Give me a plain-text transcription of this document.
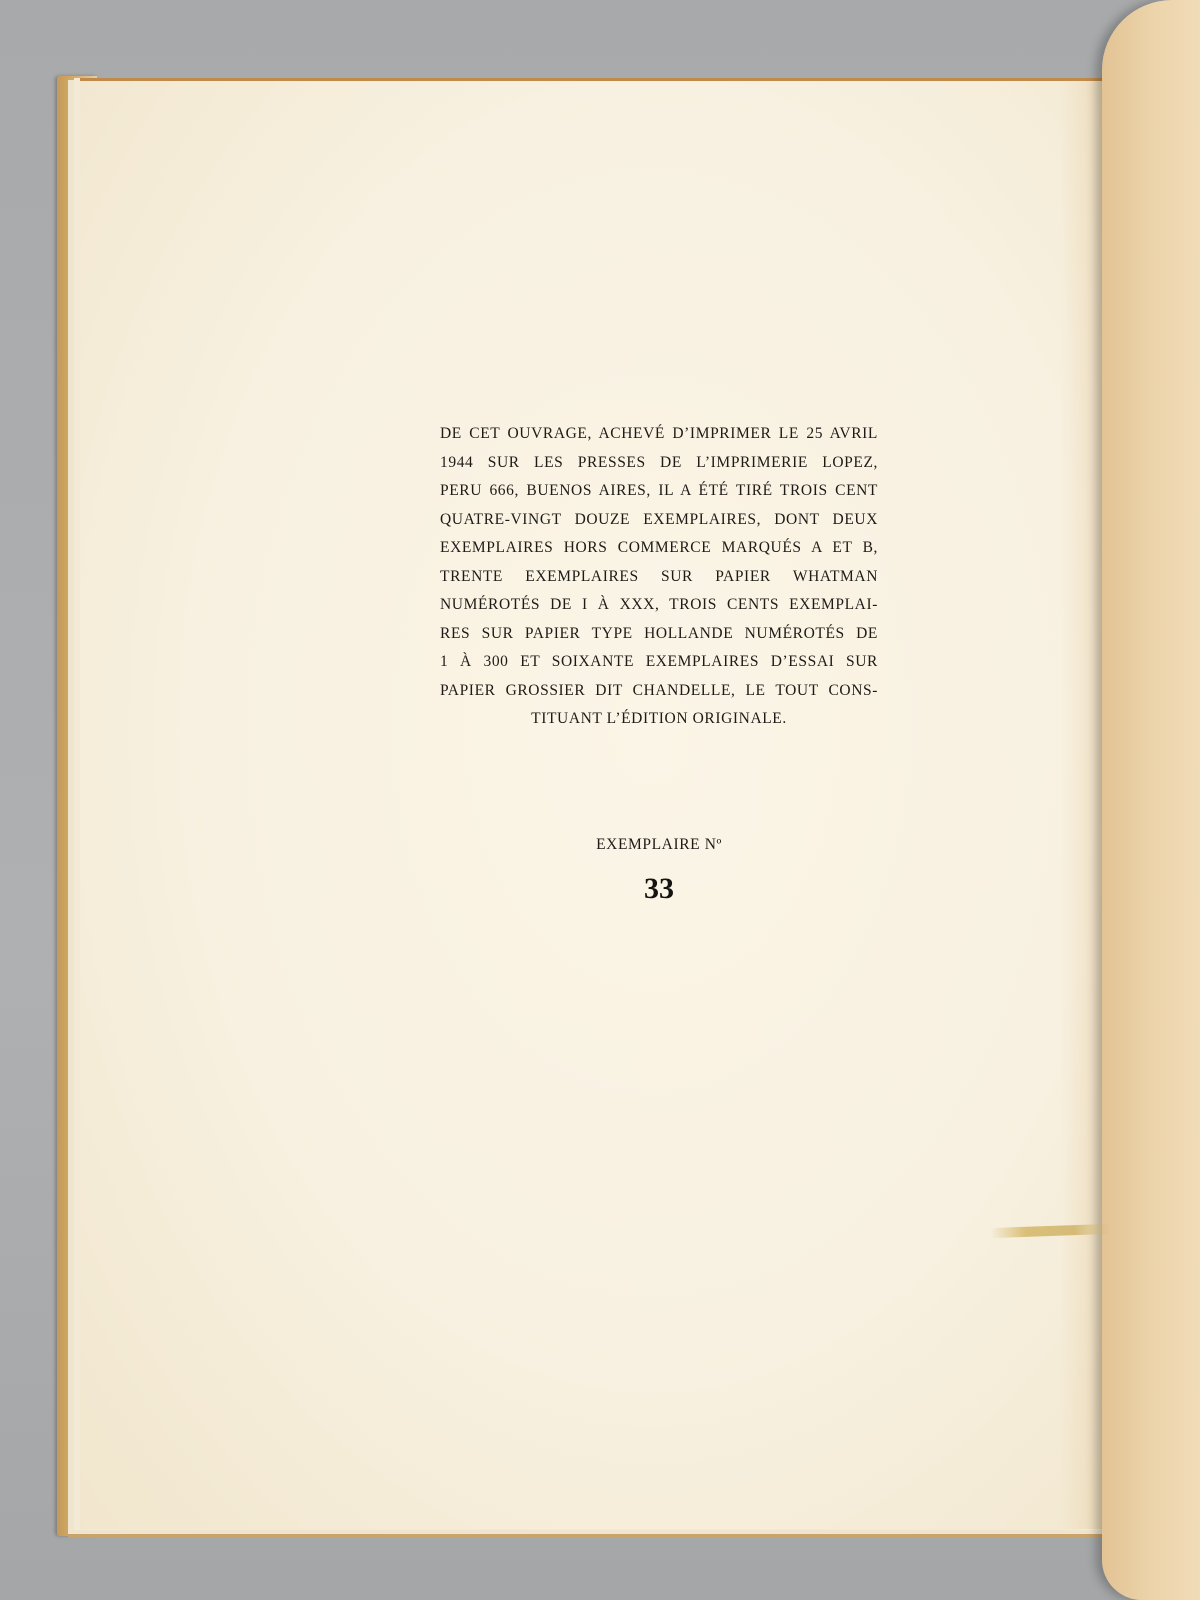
DE CET OUVRAGE, ACHEVÉ D’IMPRIMER LE 25 AVRIL
1944 SUR LES PRESSES DE L’IMPRIMERIE LOPEZ,
PERU 666, BUENOS AIRES, IL A ÉTÉ TIRÉ TROIS CENT
QUATRE-VINGT DOUZE EXEMPLAIRES, DONT DEUX
EXEMPLAIRES HORS COMMERCE MARQUÉS A ET B,
TRENTE EXEMPLAIRES SUR PAPIER WHATMAN
NUMÉROTÉS DE I À XXX, TROIS CENTS EXEMPLAI-
RES SUR PAPIER TYPE HOLLANDE NUMÉROTÉS DE
1 À 300 ET SOIXANTE EXEMPLAIRES D’ESSAI SUR
PAPIER GROSSIER DIT CHANDELLE, LE TOUT CONS-
TITUANT L’ÉDITION ORIGINALE.

EXEMPLAIRE Nº

33
